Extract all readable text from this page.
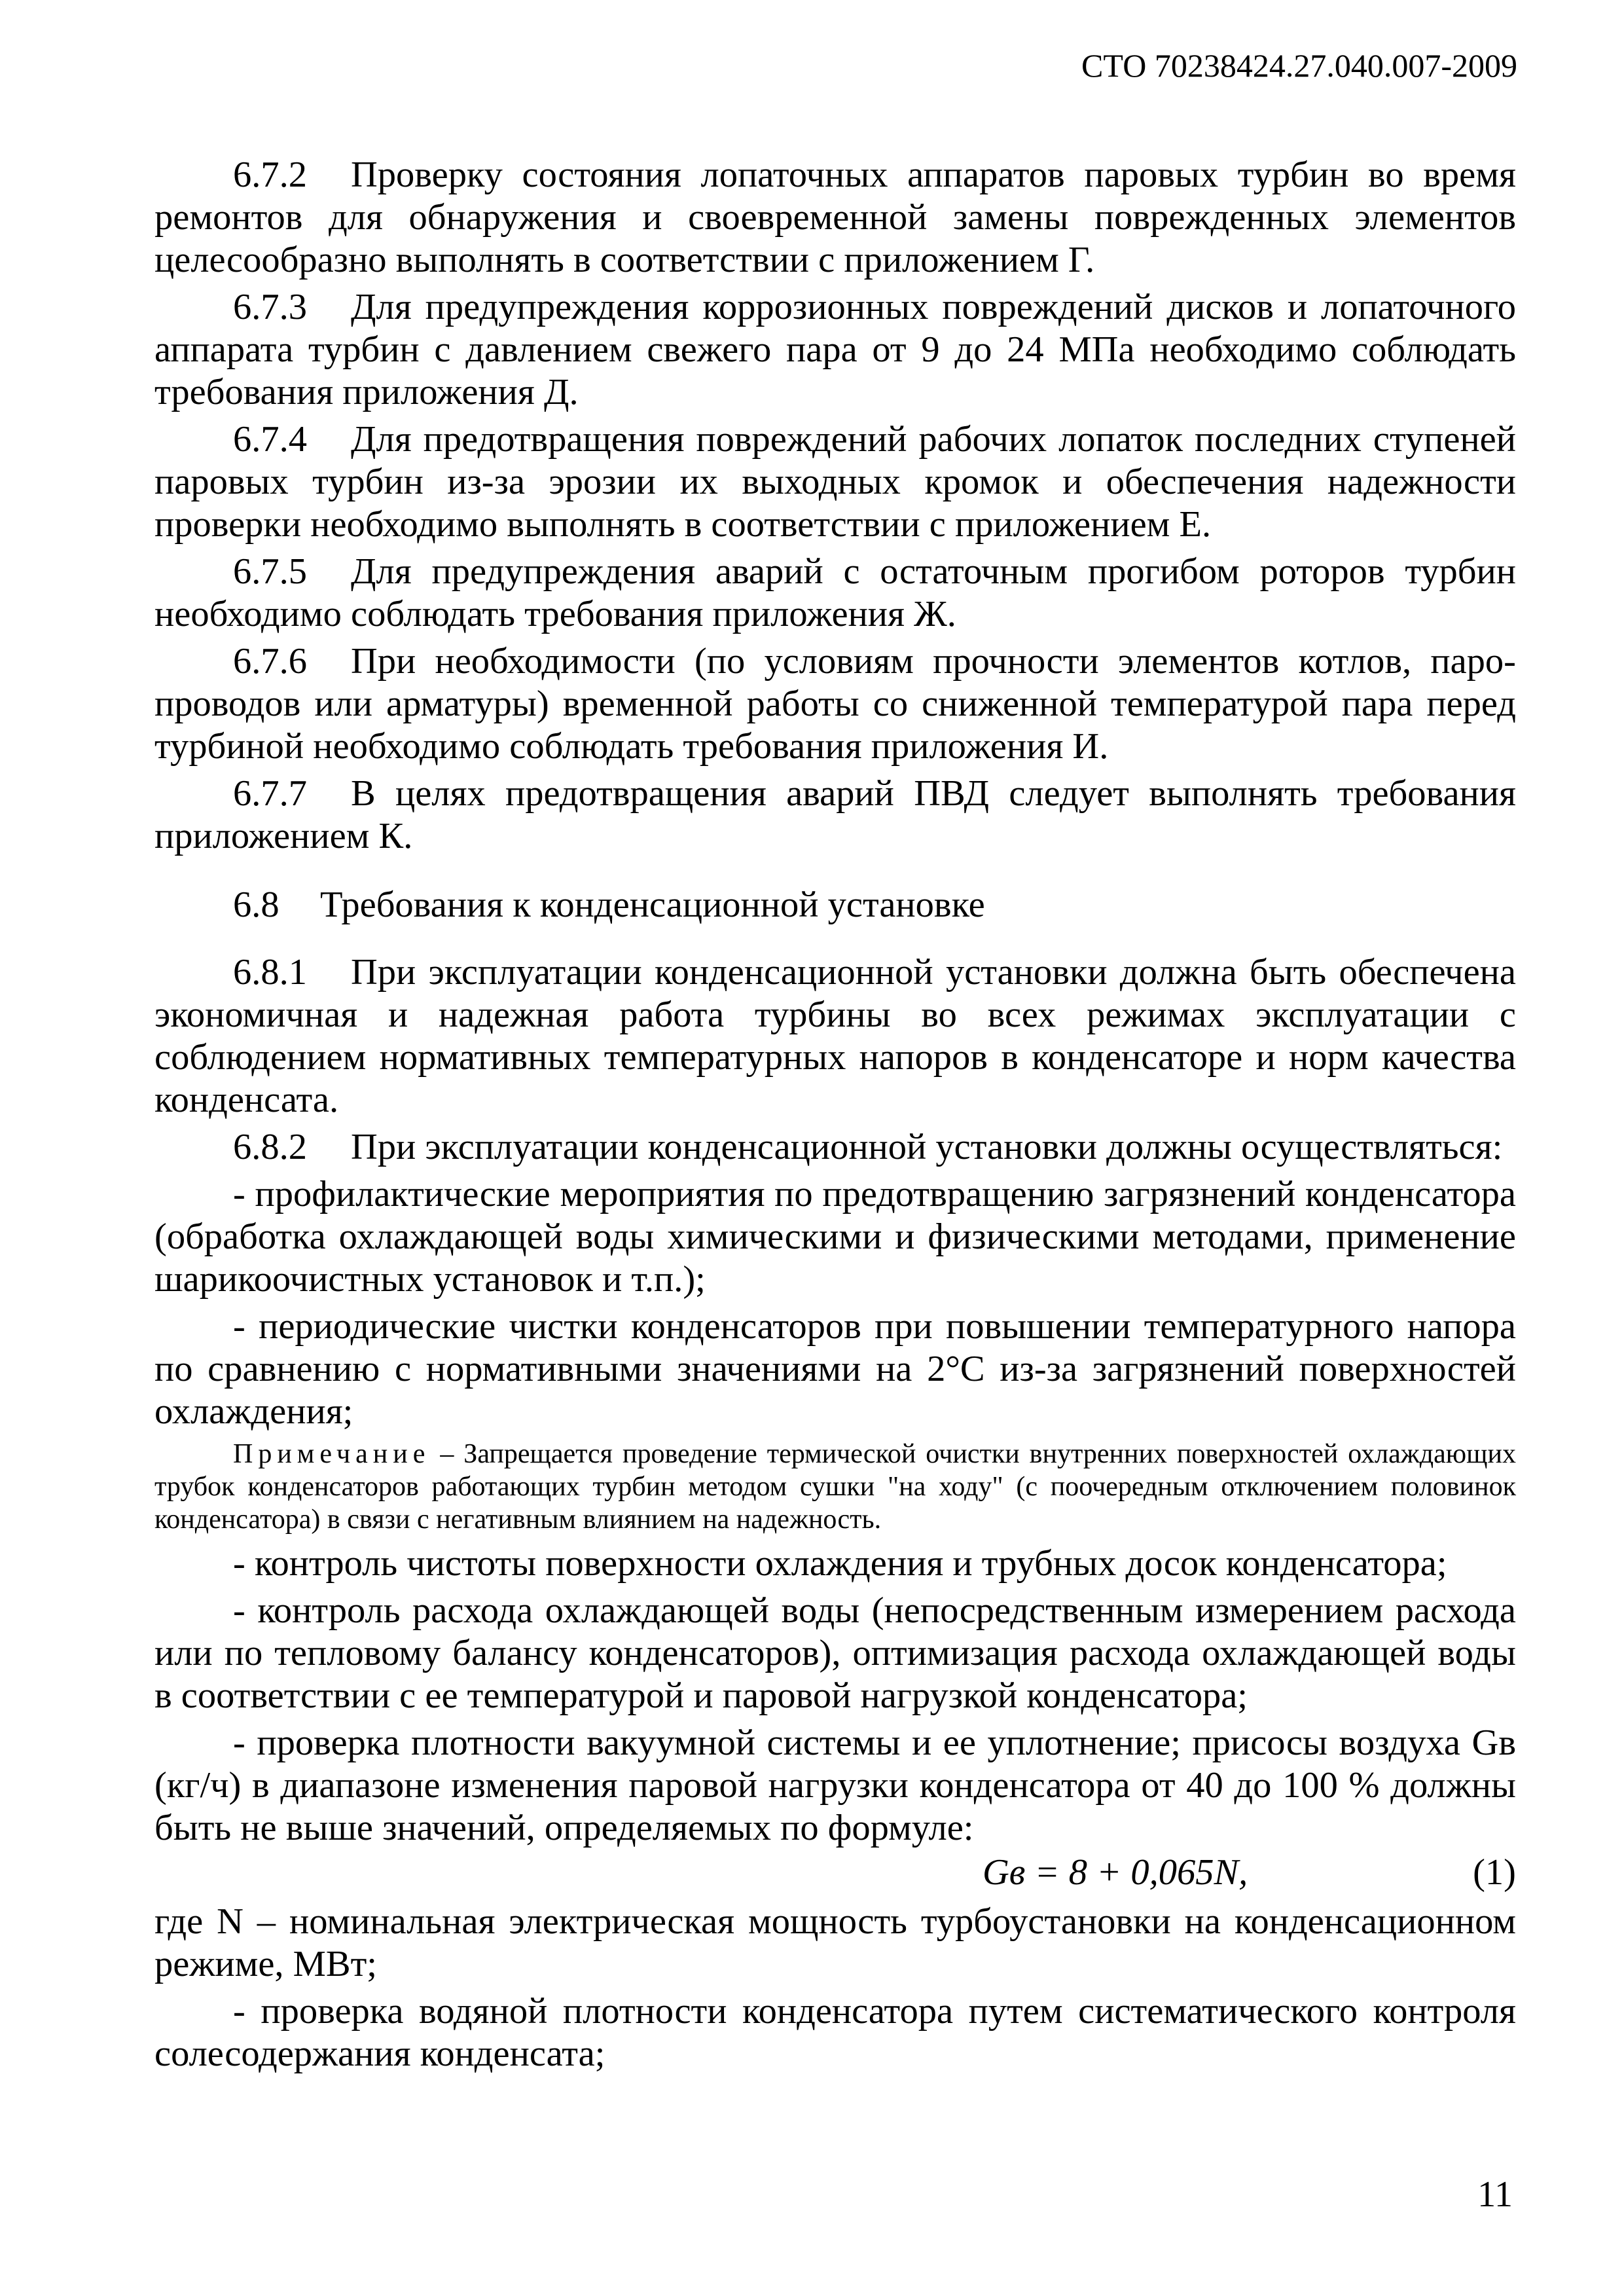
СТО 70238424.27.040.007-2009

6.7.2 Проверку состояния лопаточных аппаратов паровых турбин во время ремонтов для обнаружения и своевременной замены поврежденных элементов целесообразно выполнять в соответствии с приложением Г.

6.7.3 Для предупреждения коррозионных повреждений дисков и лопаточного аппарата турбин с давлением свежего пара от 9 до 24 МПа необходимо соблюдать требования приложения Д.

6.7.4 Для предотвращения повреждений рабочих лопаток последних ступеней паровых турбин из-за эрозии их выходных кромок и обеспечения надежности проверки необходимо выполнять в соответствии с приложением Е.

6.7.5 Для предупреждения аварий с остаточным прогибом роторов турбин необходимо соблюдать требования приложения Ж.

6.7.6 При необходимости (по условиям прочности элементов котлов, паропроводов или арматуры) временной работы со сниженной температурой пара перед турбиной необходимо соблюдать требования приложения И.

6.7.7 В целях предотвращения аварий ПВД следует выполнять требования приложением К.

6.8 Требования к конденсационной установке

6.8.1 При эксплуатации конденсационной установки должна быть обеспечена экономичная и надежная работа турбины во всех режимах эксплуатации с соблюдением нормативных температурных напоров в конденсаторе и норм качества конденсата.

6.8.2 При эксплуатации конденсационной установки должны осуществляться:

- профилактические мероприятия по предотвращению загрязнений конденсатора (обработка охлаждающей воды химическими и физическими методами, применение шарикоочистных установок и т.п.);

- периодические чистки конденсаторов при повышении температурного напора по сравнению с нормативными значениями на 2°С из-за загрязнений поверхностей охлаждения;

Примечание – Запрещается проведение термической очистки внутренних поверхностей охлаждающих трубок конденсаторов работающих турбин методом сушки "на ходу" (с поочередным отключением половинок конденсатора) в связи с негативным влиянием на надежность.

- контроль чистоты поверхности охлаждения и трубных досок конденсатора;

- контроль расхода охлаждающей воды (непосредственным измерением расхода или по тепловому балансу конденсаторов), оптимизация расхода охлаждающей воды в соответствии с ее температурой и паровой нагрузкой конденсатора;

- проверка плотности вакуумной системы и ее уплотнение; присосы воздуха Gв (кг/ч) в диапазоне изменения паровой нагрузки конденсатора от 40 до 100 % должны быть не выше значений, определяемых по формуле:

Gв = 8 + 0,065N,	(1)

где N – номинальная электрическая мощность турбоустановки на конденсационном режиме, МВт;

- проверка водяной плотности конденсатора путем систематического контроля солесодержания конденсата;

11
